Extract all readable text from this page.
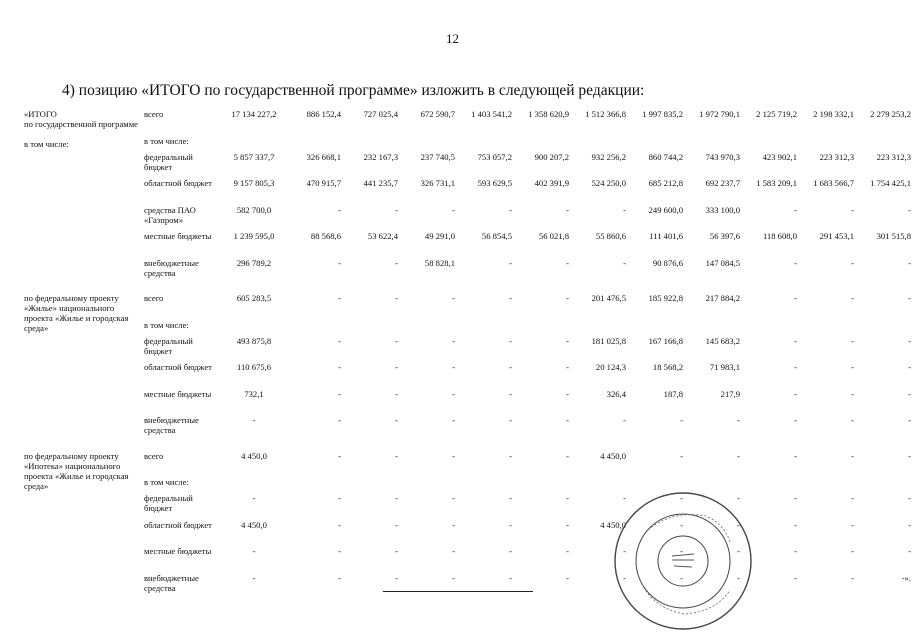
12
4) позицию «ИТОГО по государственной программе» изложить в следующей редакции:
«ИТОГО
по государственной программе

в том числе:	всего	17 134 227,2	886 152,4	727 025,4	672 590,7	1 403 541,2	1 358 620,9	1 512 366,8	1 997 835,2	1 972 790,1	2 125 719,2	2 198 332,1	2 279 253,2
	в том числе:												
	федеральный бюджет	5 857 337,7	326 668,1	232 167,3	237 740,5	753 057,2	900 207,2	932 256,2	860 744,2	743 970,3	423 902,1	223 312,3	223 312,3
	областной бюджет	9 157 805,3	470 915,7	441 235,7	326 731,1	593 629,5	402 391,9	524 250,0	685 212,8	692 237,7	1 583 209,1	1 683 566,7	1 754 425,1
	средства ПАО «Газпром»	582 700,0	-	-	-	-	-	-	249 600,0	333 100,0	-	-	-
	местные бюджеты	1 239 595,0	88 568,6	53 622,4	49 291,0	56 854,5	56 021,8	55 860,6	111 401,6	56 397,6	118 608,0	291 453,1	301 515,8
	внебюджетные средства	296 789,2	-	-	58 828,1	-	-	-	90 876,6	147 084,5	-	-	-

по федеральному проекту «Жилье» национального проекта «Жилье и городская среда»	всего	605 283,5	-	-	-	-	-	201 476,5	185 922,8	217 884,2	-	-	-
	в том числе:												
	федеральный бюджет	493 875,8	-	-	-	-	-	181 025,8	167 166,8	145 683,2	-	-	-
	областной бюджет	110 675,6	-	-	-	-	-	20 124,3	18 568,2	71 983,1	-	-	-
	местные бюджеты	732,1	-	-	-	-	-	326,4	187,8	217,9	-	-	-
	внебюджетные средства	-	-	-	-	-	-	-	-	-	-	-	-

по федеральному проекту «Ипотека» национального проекта «Жилье и городская среда»	всего	4 450,0	-	-	-	-	-	4 450,0	-	-	-	-	-
	в том числе:												
	федеральный бюджет	-	-	-	-	-	-	-	-	-	-	-	-
	областной бюджет	4 450,0	-	-	-	-	-	4 450,0	-	-	-	-	-
	местные бюджеты	-	-	-	-	-	-	-	-	-	-	-	-
	внебюджетные средства	-	-	-	-	-	-	-	-	-	-	-	-».
